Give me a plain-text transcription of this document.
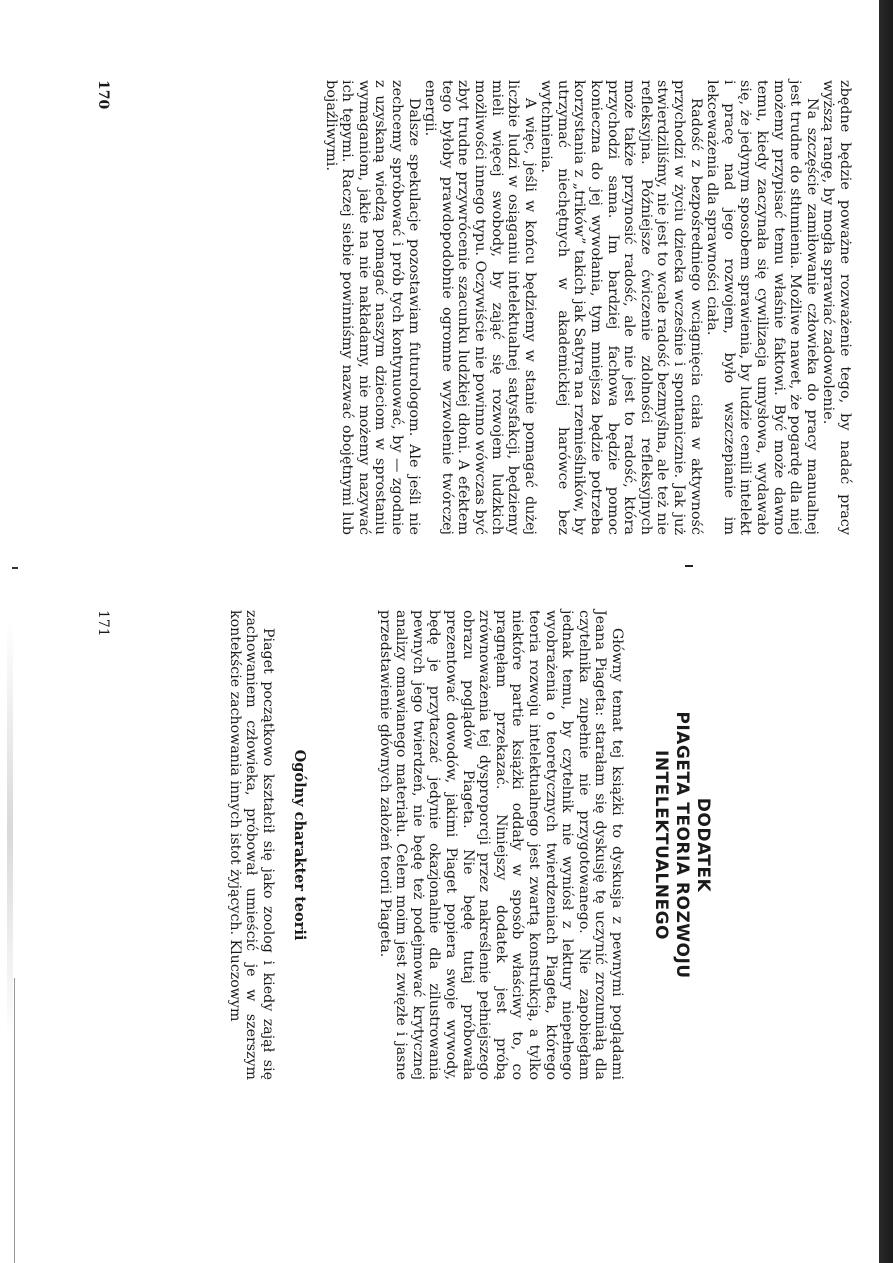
zbędne będzie poważne rozważenie tego, by nadać pracy wyższą rangę, by mogła sprawiać zadowolenie.

Na szczęście zamiłowanie człowieka do pracy manualnej jest trudne do stłumienia. Możliwe nawet, że pogardę dla niej możemy przypisać temu właśnie faktowi. Być może dawno temu, kiedy zaczynała się cywilizacja umysłowa, wydawało się, że jedynym sposobem sprawienia, by ludzie cenili intelekt i pracę nad jego rozwojem, było wszczepianie im lekceważenia dla sprawności ciała.

Radość z bezpośredniego wciągnięcia ciała w aktywność przychodzi w życiu dziecka wcześnie i spontanicznie. Jak już stwierdziliśmy, nie jest to wcale radość bezmyślna, ale też nie refleksyjna. Późniejsze ćwiczenie zdolności refleksyjnych może także przynosić radość, ale nie jest to radość, która przychodzi sama. Im bardziej fachowa będzie pomoc konieczna do jej wywołania, tym mniejsza będzie potrzeba korzystania z „trików” takich jak Satyra na rzemieślników, by utrzymać niechętnych w akademickiej harówce bez wytchnienia.

A więc, jeśli w końcu będziemy w stanie pomagać dużej liczbie ludzi w osiąganiu intelektualnej satysfakcji, będziemy mieli więcej swobody, by zająć się rozwojem ludzkich możliwości innego typu. Oczywiście nie powinno wówczas być zbyt trudne przywrócenie szacunku ludzkiej dłoni. A efektem tego byłoby prawdopodobnie ogromne wyzwolenie twórczej energii.

Dalsze spekulacje pozostawiam futurologom. Ale jeśli nie zechcemy spróbować i prób tych kontynuować, by — zgodnie z uzyskaną wiedzą pomagać naszym dzieciom w sprostaniu wymaganiom, jakie na nie nakładamy, nie możemy nazywać ich tępymi. Raczej siebie powinniśmy nazwać obojętnymi lub bojaźliwymi.

170
DODATEK
PIAGETA TEORIA ROZWOJU
INTELEKTUALNEGO

Główny temat tej książki to dyskusja z pewnymi poglądami Jeana Piageta: starałam się dyskusję tę uczynić zrozumiałą dla czytelnika zupełnie nie przygotowanego. Nie zapobiegłam jednak temu, by czytelnik nie wyniósł z lektury niepełnego wyobrażenia o teoretycznych twierdzeniach Piageta, którego teoria rozwoju intelektualnego jest zwartą konstrukcją, a tylko niektóre partie książki oddały w sposób właściwy to, co pragnęłam przekazać. Niniejszy dodatek jest próbą zrównoważenia tej dysproporcji przez nakreślenie pełniejszego obrazu poglądów Piageta. Nie będę tutaj próbowała prezentować dowodów, jakimi Piaget popiera swoje wywody, będę je przytaczać jedynie okazjonalnie dla zilustrowania pewnych jego twierdzeń, nie będę też podejmować krytycznej analizy omawianego materiału. Celem moim jest zwięzłe i jasne przedstawienie głównych założeń teorii Piageta.

Ogólny charakter teorii

Piaget początkowo kształcił się jako zoolog i kiedy zajął się zachowaniem człowieka, próbował umieścić je w szerszym kontekście zachowania innych istot żyjących. Kluczowym

171
